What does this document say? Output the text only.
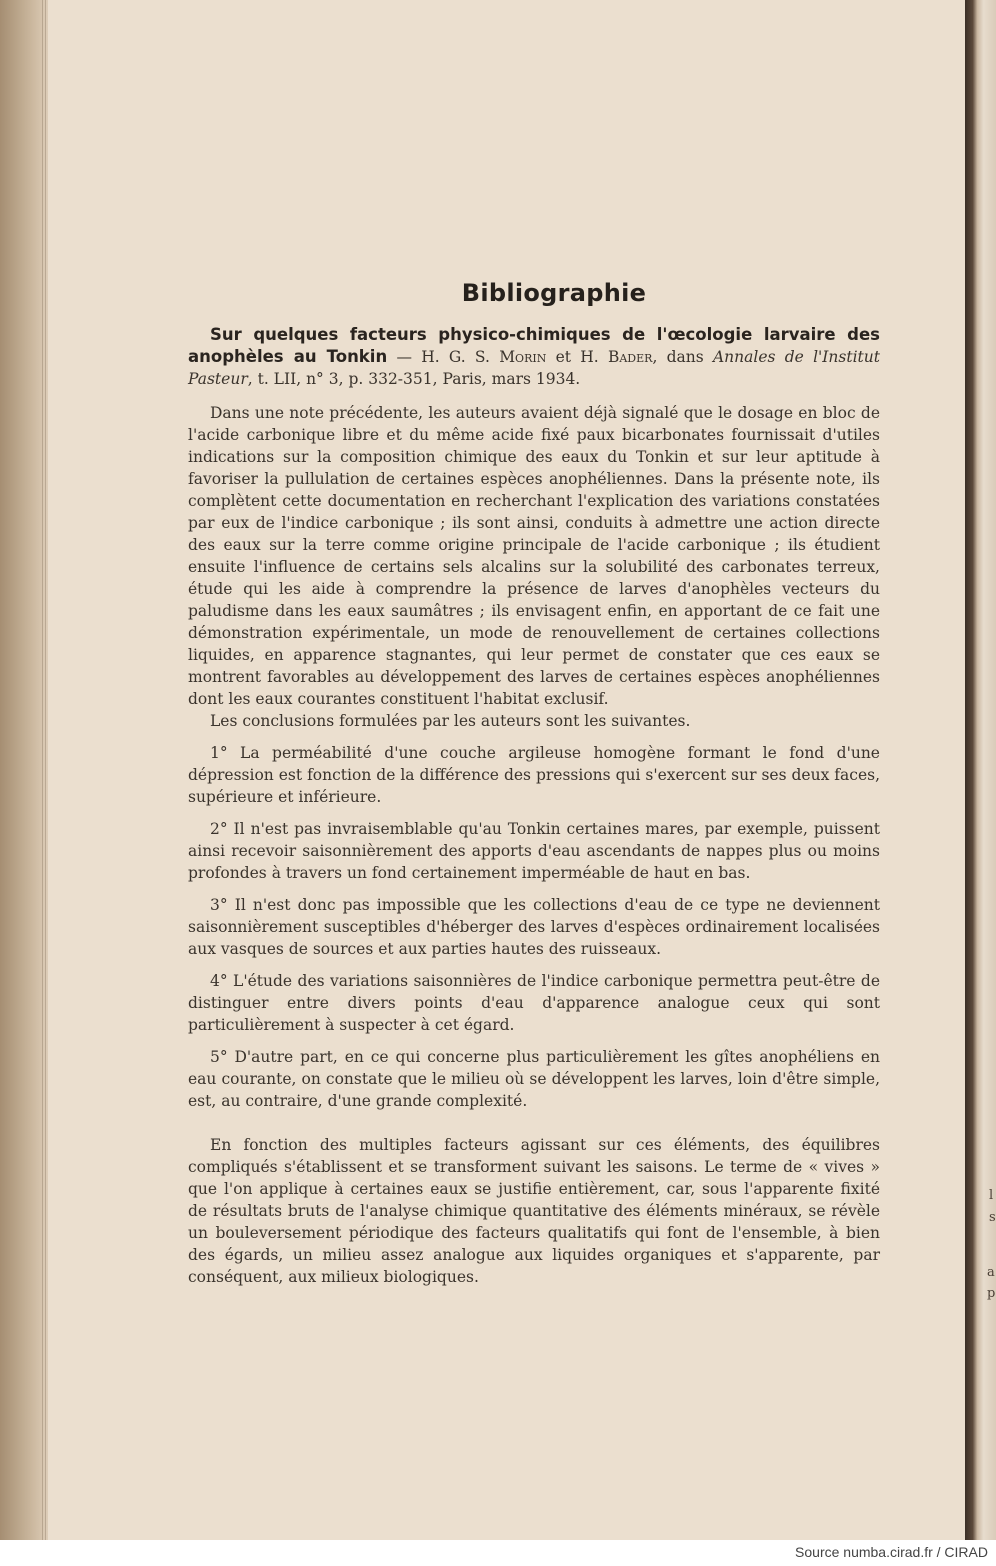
l
s
a
p
Bibliographie

Sur quelques facteurs physico-chimiques de l'œcologie larvaire des anophèles au Tonkin — H. G. S. Morin et H. Bader, dans Annales de l'Institut Pasteur, t. LII, n° 3, p. 332-351, Paris, mars 1934.

Dans une note précédente, les auteurs avaient déjà signalé que le dosage en bloc de l'acide carbonique libre et du même acide fixé paux bicarbonates fournissait d'utiles indications sur la composition chimique des eaux du Tonkin et sur leur aptitude à favoriser la pullulation de certaines espèces anophéliennes. Dans la présente note, ils complètent cette documentation en recherchant l'explication des variations constatées par eux de l'indice carbonique ; ils sont ainsi, conduits à admettre une action directe des eaux sur la terre comme origine principale de l'acide carbonique ; ils étudient ensuite l'influence de certains sels alcalins sur la solubilité des carbonates terreux, étude qui les aide à comprendre la présence de larves d'anophèles vecteurs du paludisme dans les eaux saumâtres ; ils envisagent enfin, en apportant de ce fait une démonstration expérimentale, un mode de renouvellement de certaines collections liquides, en apparence stagnantes, qui leur permet de constater que ces eaux se montrent favorables au développement des larves de certaines espèces anophéliennes dont les eaux courantes constituent l'habitat exclusif.

Les conclusions formulées par les auteurs sont les suivantes.

1° La perméabilité d'une couche argileuse homogène formant le fond d'une dépression est fonction de la différence des pressions qui s'exercent sur ses deux faces, supérieure et inférieure.

2° Il n'est pas invraisemblable qu'au Tonkin certaines mares, par exemple, puissent ainsi recevoir saisonnièrement des apports d'eau ascendants de nappes plus ou moins profondes à travers un fond certainement imperméable de haut en bas.

3° Il n'est donc pas impossible que les collections d'eau de ce type ne deviennent saisonnièrement susceptibles d'héberger des larves d'espèces ordinairement localisées aux vasques de sources et aux parties hautes des ruisseaux.

4° L'étude des variations saisonnières de l'indice carbonique permettra peut-être de distinguer entre divers points d'eau d'apparence analogue ceux qui sont particulièrement à suspecter à cet égard.

5° D'autre part, en ce qui concerne plus particulièrement les gîtes anophéliens en eau courante, on constate que le milieu où se développent les larves, loin d'être simple, est, au contraire, d'une grande complexité.

En fonction des multiples facteurs agissant sur ces éléments, des équilibres compliqués s'établissent et se transforment suivant les saisons. Le terme de « vives » que l'on applique à certaines eaux se justifie entièrement, car, sous l'apparente fixité de résultats bruts de l'analyse chimique quantitative des éléments minéraux, se révèle un bouleversement périodique des facteurs qualitatifs qui font de l'ensemble, à bien des égards, un milieu assez analogue aux liquides organiques et s'apparente, par conséquent, aux milieux biologiques.

Source numba.cirad.fr / CIRAD
